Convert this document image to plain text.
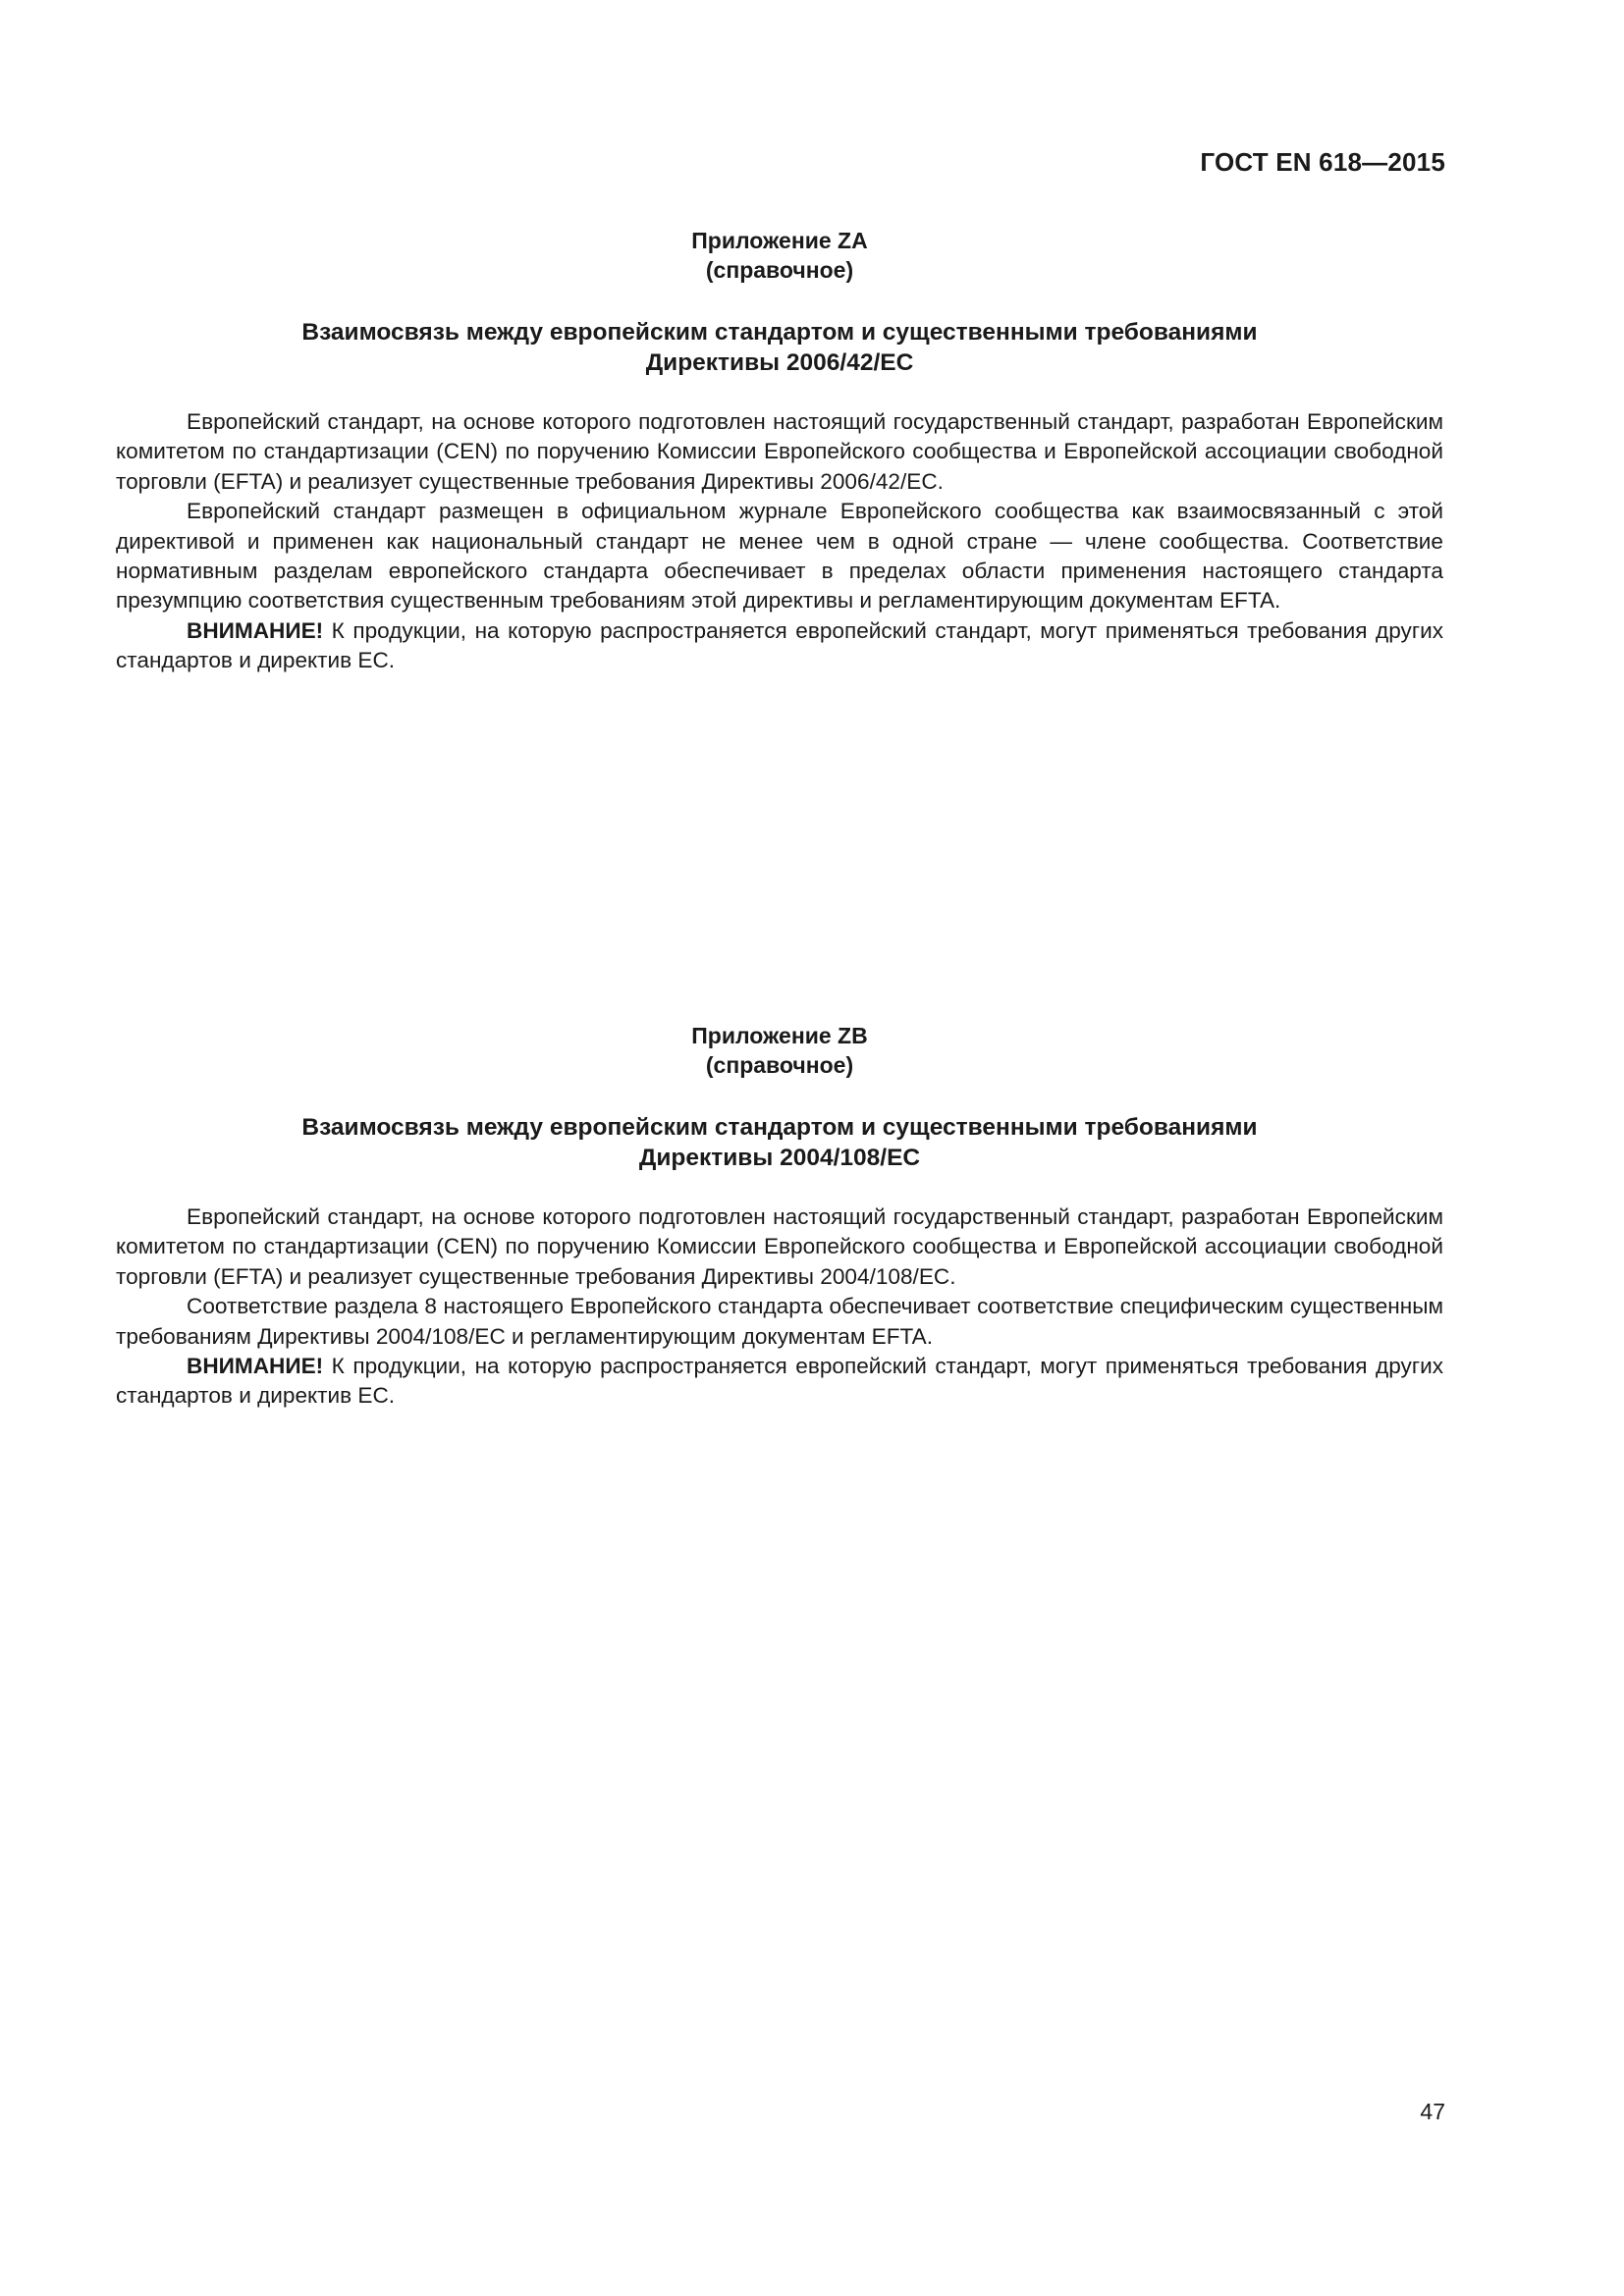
ГОСТ EN 618—2015
Приложение ZA
(справочное)
Взаимосвязь между европейским стандартом и существенными требованиями
Директивы 2006/42/ЕС

Европейский стандарт, на основе которого подготовлен настоящий государственный стандарт, разработан Европейским комитетом по стандартизации (CEN) по поручению Комиссии Европейского сообщества и Европейской ассоциации свободной торговли (EFTA) и реализует существенные требования Директивы 2006/42/ЕС.

Европейский стандарт размещен в официальном журнале Европейского сообщества как взаимосвязанный с этой директивой и применен как национальный стандарт не менее чем в одной стране — члене сообщества. Соответствие нормативным разделам европейского стандарта обеспечивает в пределах области применения настоящего стандарта презумпцию соответствия существенным требованиям этой директивы и регламентирующим документам EFTA.

ВНИМАНИЕ! К продукции, на которую распространяется европейский стандарт, могут применяться требования других стандартов и директив ЕС.

Приложение ZB
(справочное)
Взаимосвязь между европейским стандартом и существенными требованиями
Директивы 2004/108/ЕС

Европейский стандарт, на основе которого подготовлен настоящий государственный стандарт, разработан Европейским комитетом по стандартизации (CEN) по поручению Комиссии Европейского сообщества и Европейской ассоциации свободной торговли (EFTA) и реализует существенные требования Директивы 2004/108/ЕС.

Соответствие раздела 8 настоящего Европейского стандарта обеспечивает соответствие специфическим существенным требованиям Директивы 2004/108/ЕС и регламентирующим документам EFTA.

ВНИМАНИЕ! К продукции, на которую распространяется европейский стандарт, могут применяться требования других стандартов и директив ЕС.

47
